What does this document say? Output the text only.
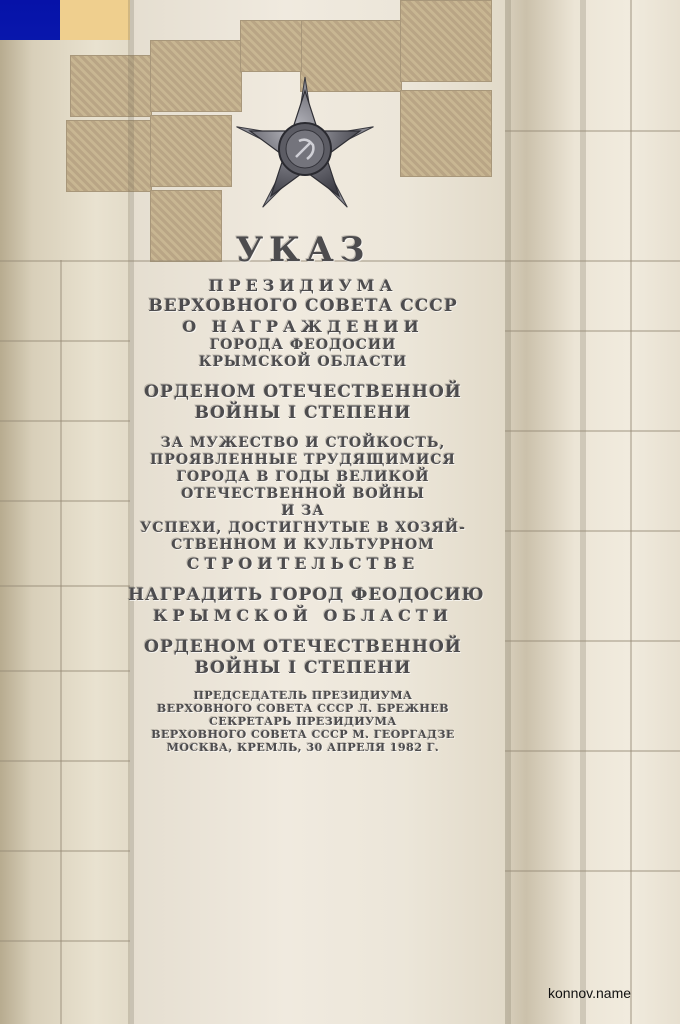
УКАЗ
ПРЕЗИДИУМА
ВЕРХОВНОГО СОВЕТА СССР
О НАГРАЖДЕНИИ
ГОРОДА ФЕОДОСИИ
КРЫМСКОЙ ОБЛАСТИ
ОРДЕНОМ ОТЕЧЕСТВЕННОЙ
ВОЙНЫ I СТЕПЕНИ
ЗА МУЖЕСТВО И СТОЙКОСТЬ,
ПРОЯВЛЕННЫЕ ТРУДЯЩИМИСЯ
ГОРОДА В ГОДЫ ВЕЛИКОЙ
ОТЕЧЕСТВЕННОЙ ВОЙНЫ
И ЗА
УСПЕХИ, ДОСТИГНУТЫЕ В ХОЗЯЙ-
СТВЕННОМ И КУЛЬТУРНОМ
СТРОИТЕЛЬСТВЕ
НАГРАДИТЬ ГОРОД ФЕОДОСИЮ
КРЫМСКОЙ ОБЛАСТИ
ОРДЕНОМ ОТЕЧЕСТВЕННОЙ
ВОЙНЫ I СТЕПЕНИ
ПРЕДСЕДАТЕЛЬ ПРЕЗИДИУМА
ВЕРХОВНОГО СОВЕТА СССР Л. БРЕЖНЕВ
СЕКРЕТАРЬ ПРЕЗИДИУМА
ВЕРХОВНОГО СОВЕТА СССР М. ГЕОРГАДЗЕ
МОСКВА, КРЕМЛЬ, 30 АПРЕЛЯ 1982 Г.
konnov.name
